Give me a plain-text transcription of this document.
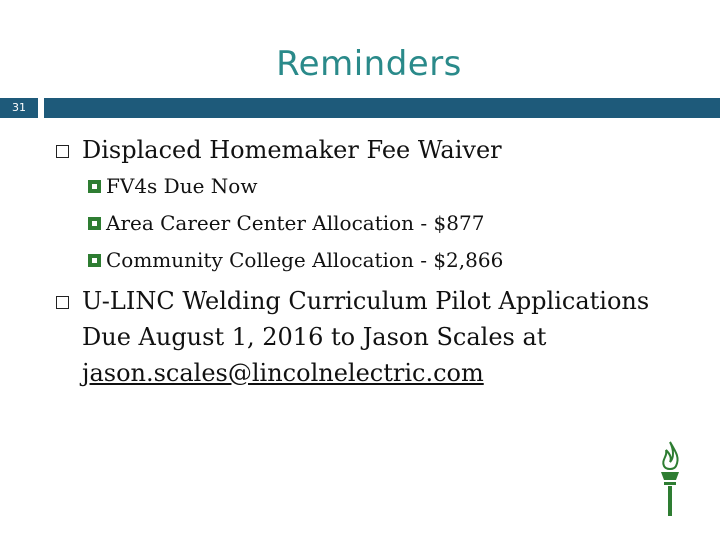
Reminders
31
Displaced Homemaker Fee Waiver
FV4s Due Now
Area Career Center Allocation - $877
Community College Allocation - $2,866
U-LINC Welding Curriculum Pilot Applications
Due August 1, 2016 to Jason Scales at
jason.scales@lincolnelectric.com
